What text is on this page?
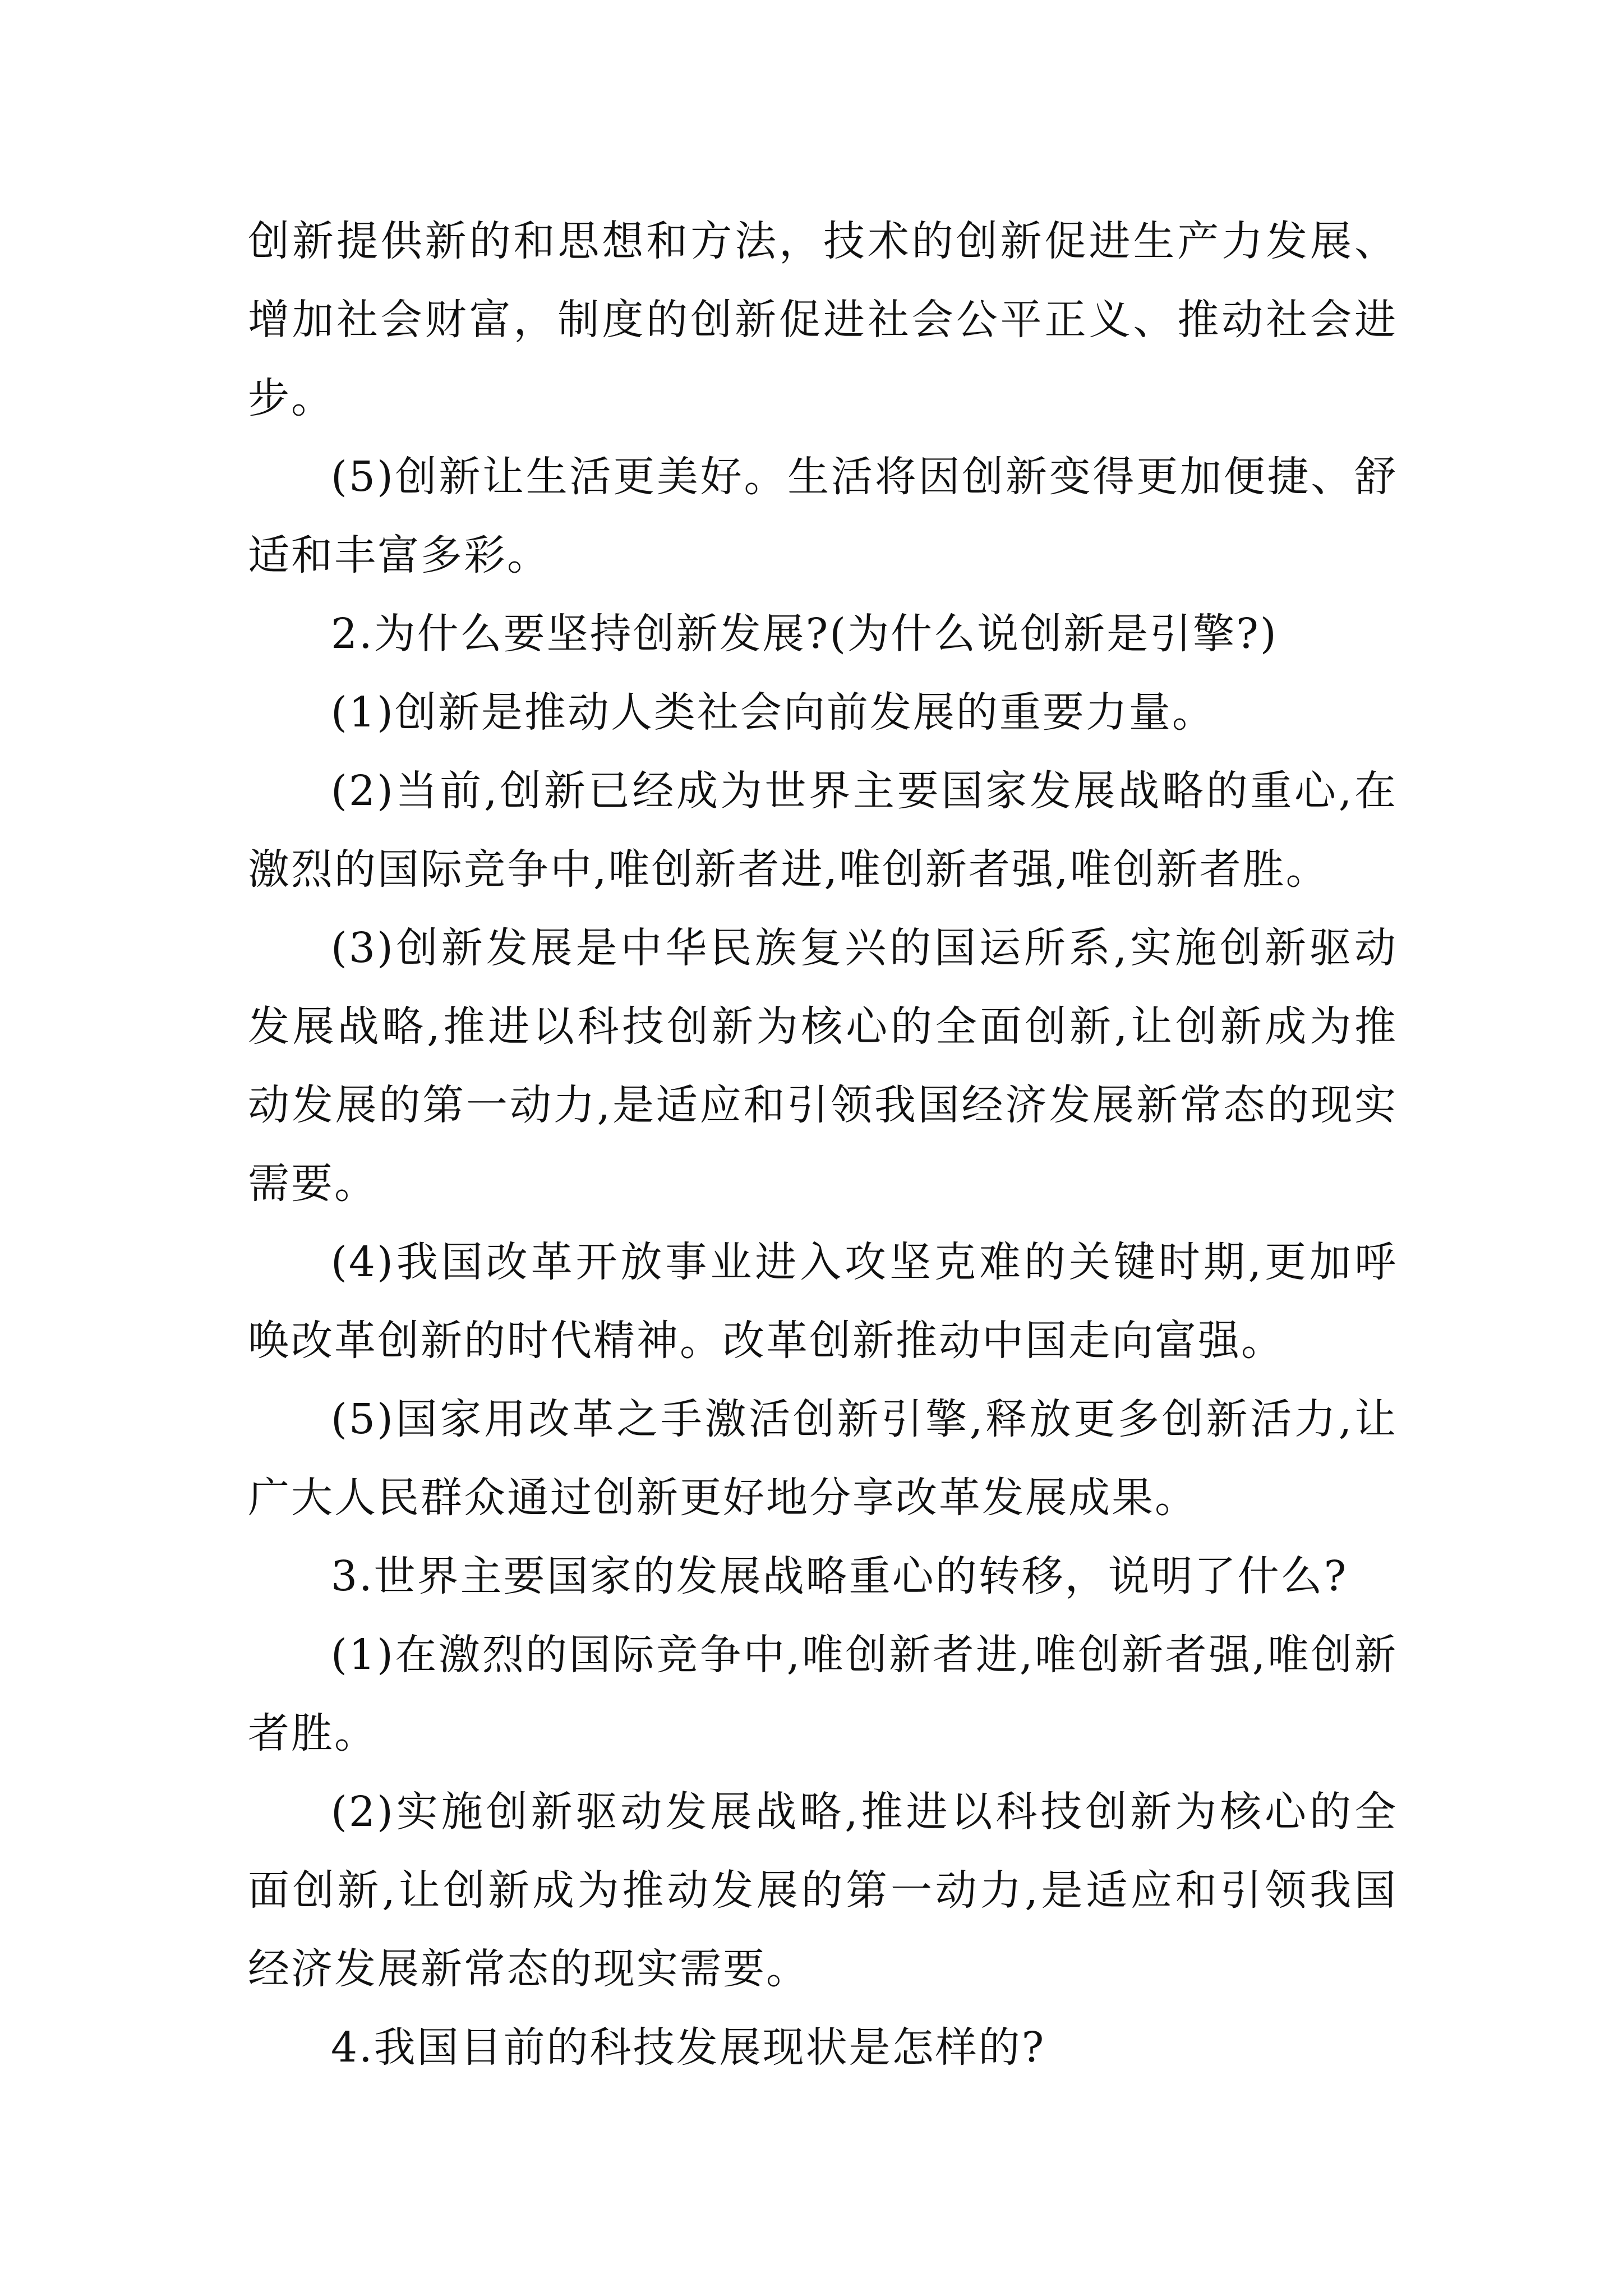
创新提供新的和思想和方法，技术的创新促进生产力发展、增加社会财富，制度的创新促进社会公平正义、推动社会进步。

(5)创新让生活更美好。生活将因创新变得更加便捷、舒适和丰富多彩。

2.为什么要坚持创新发展?(为什么说创新是引擎?)

(1)创新是推动人类社会向前发展的重要力量。

(2)当前,创新已经成为世界主要国家发展战略的重心,在激烈的国际竞争中,唯创新者进,唯创新者强,唯创新者胜。

(3)创新发展是中华民族复兴的国运所系,实施创新驱动发展战略,推进以科技创新为核心的全面创新,让创新成为推动发展的第一动力,是适应和引领我国经济发展新常态的现实需要。

(4)我国改革开放事业进入攻坚克难的关键时期,更加呼唤改革创新的时代精神。改革创新推动中国走向富强。

(5)国家用改革之手激活创新引擎,释放更多创新活力,让广大人民群众通过创新更好地分享改革发展成果。

3.世界主要国家的发展战略重心的转移，说明了什么?

(1)在激烈的国际竞争中,唯创新者进,唯创新者强,唯创新者胜。

(2)实施创新驱动发展战略,推进以科技创新为核心的全面创新,让创新成为推动发展的第一动力,是适应和引领我国经济发展新常态的现实需要。

4.我国目前的科技发展现状是怎样的?
